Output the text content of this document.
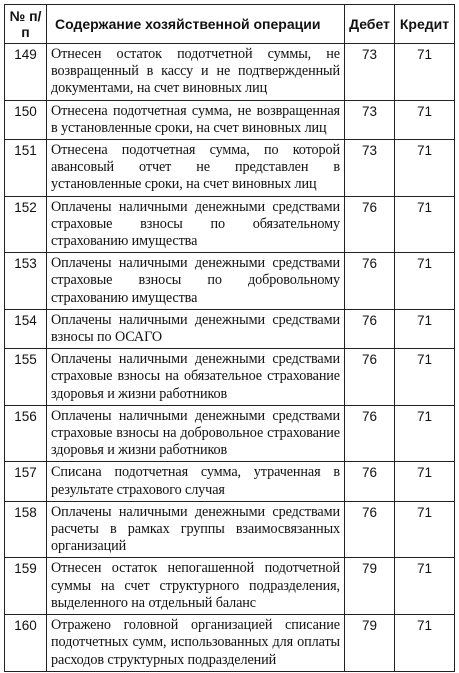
№ п/п	Содержание хозяйственной операции	Дебет	Кредит
149	Отнесен остаток подотчетной суммы, не возвращенный в кассу и не подтвержденный документами, на счет виновных лиц	73	71
150	Отнесена подотчетная сумма, не возвращенная в установленные сроки, на счет виновных лиц	73	71
151	Отнесена подотчетная сумма, по которой авансовый отчет не представлен в установленные сроки, на счет виновных лиц	73	71
152	Оплачены наличными денежными средствами страховые взносы по обязательному страхованию имущества	76	71
153	Оплачены наличными денежными средствами страховые взносы по добровольному страхованию имущества	76	71
154	Оплачены наличными денежными средствами взносы по ОСАГО	76	71
155	Оплачены наличными денежными средствами страховые взносы на обязательное страхование здоровья и жизни работников	76	71
156	Оплачены наличными денежными средствами страховые взносы на добровольное страхование здоровья и жизни работников	76	71
157	Списана подотчетная сумма, утраченная в результате страхового случая	76	71
158	Оплачены наличными денежными средствами расчеты в рамках группы взаимосвязанных организаций	76	71
159	Отнесен остаток непогашенной подотчетной суммы на счет структурного подразделения, выделенного на отдельный баланс	79	71
160	Отражено головной организацией списание подотчетных сумм, использованных для оплаты расходов структурных подразделений	79	71
